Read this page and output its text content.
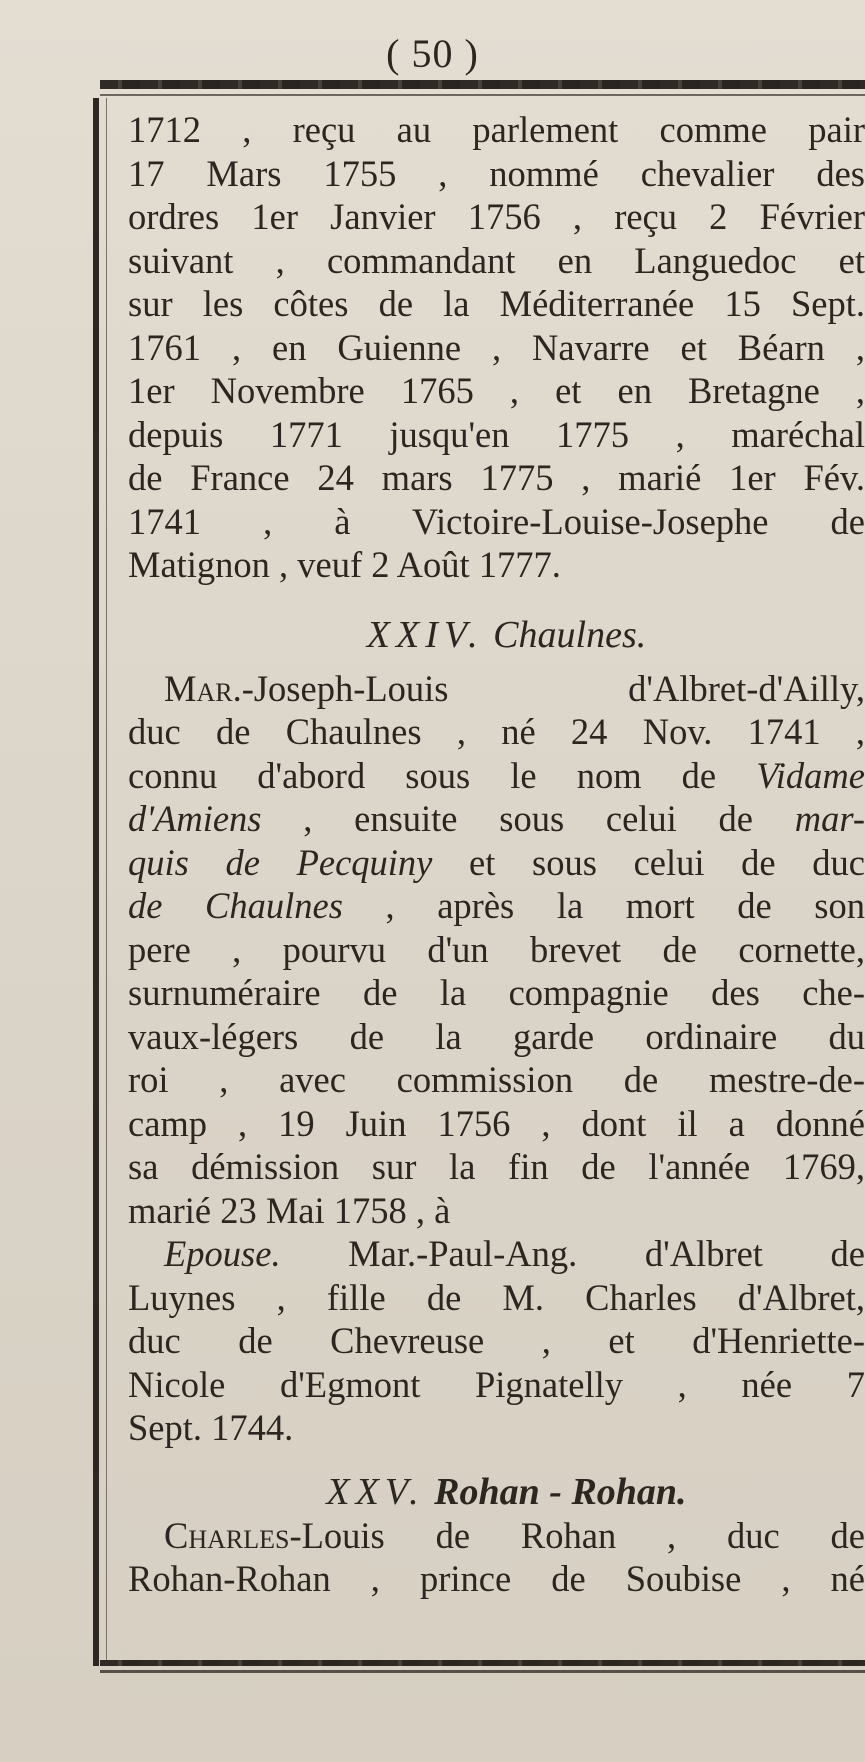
( 50 )
1712 , reçu au parlement comme pair
17 Mars 1755 , nommé chevalier des
ordres 1er Janvier 1756 , reçu 2 Février
suivant , commandant en Languedoc et
sur les côtes de la Méditerranée 15 Sept.
1761 , en Guienne , Navarre et Béarn ,
1er Novembre 1765 , et en Bretagne ,
depuis 1771 jusqu'en 1775 , maréchal
de France 24 mars 1775 , marié 1er Fév.
1741 , à Victoire-Louise-Josephe de
Matignon , veuf 2 Août 1777.
XXIV. Chaulnes.
Mar.-Joseph-Louis d'Albret-d'Ailly,
duc de Chaulnes , né 24 Nov. 1741 ,
connu d'abord sous le nom de Vidame
d'Amiens , ensuite sous celui de mar-
quis de Pecquiny et sous celui de duc
de Chaulnes , après la mort de son
pere , pourvu d'un brevet de cornette,
surnuméraire de la compagnie des che-
vaux-légers de la garde ordinaire du
roi , avec commission de mestre-de-
camp , 19 Juin 1756 , dont il a donné
sa démission sur la fin de l'année 1769,
marié 23 Mai 1758 , à
Epouse. Mar.-Paul-Ang. d'Albret de
Luynes , fille de M. Charles d'Albret,
duc de Chevreuse , et d'Henriette-
Nicole d'Egmont Pignatelly , née 7
Sept. 1744.
XXV. Rohan - Rohan.
Charles-Louis de Rohan , duc de
Rohan-Rohan , prince de Soubise , né
